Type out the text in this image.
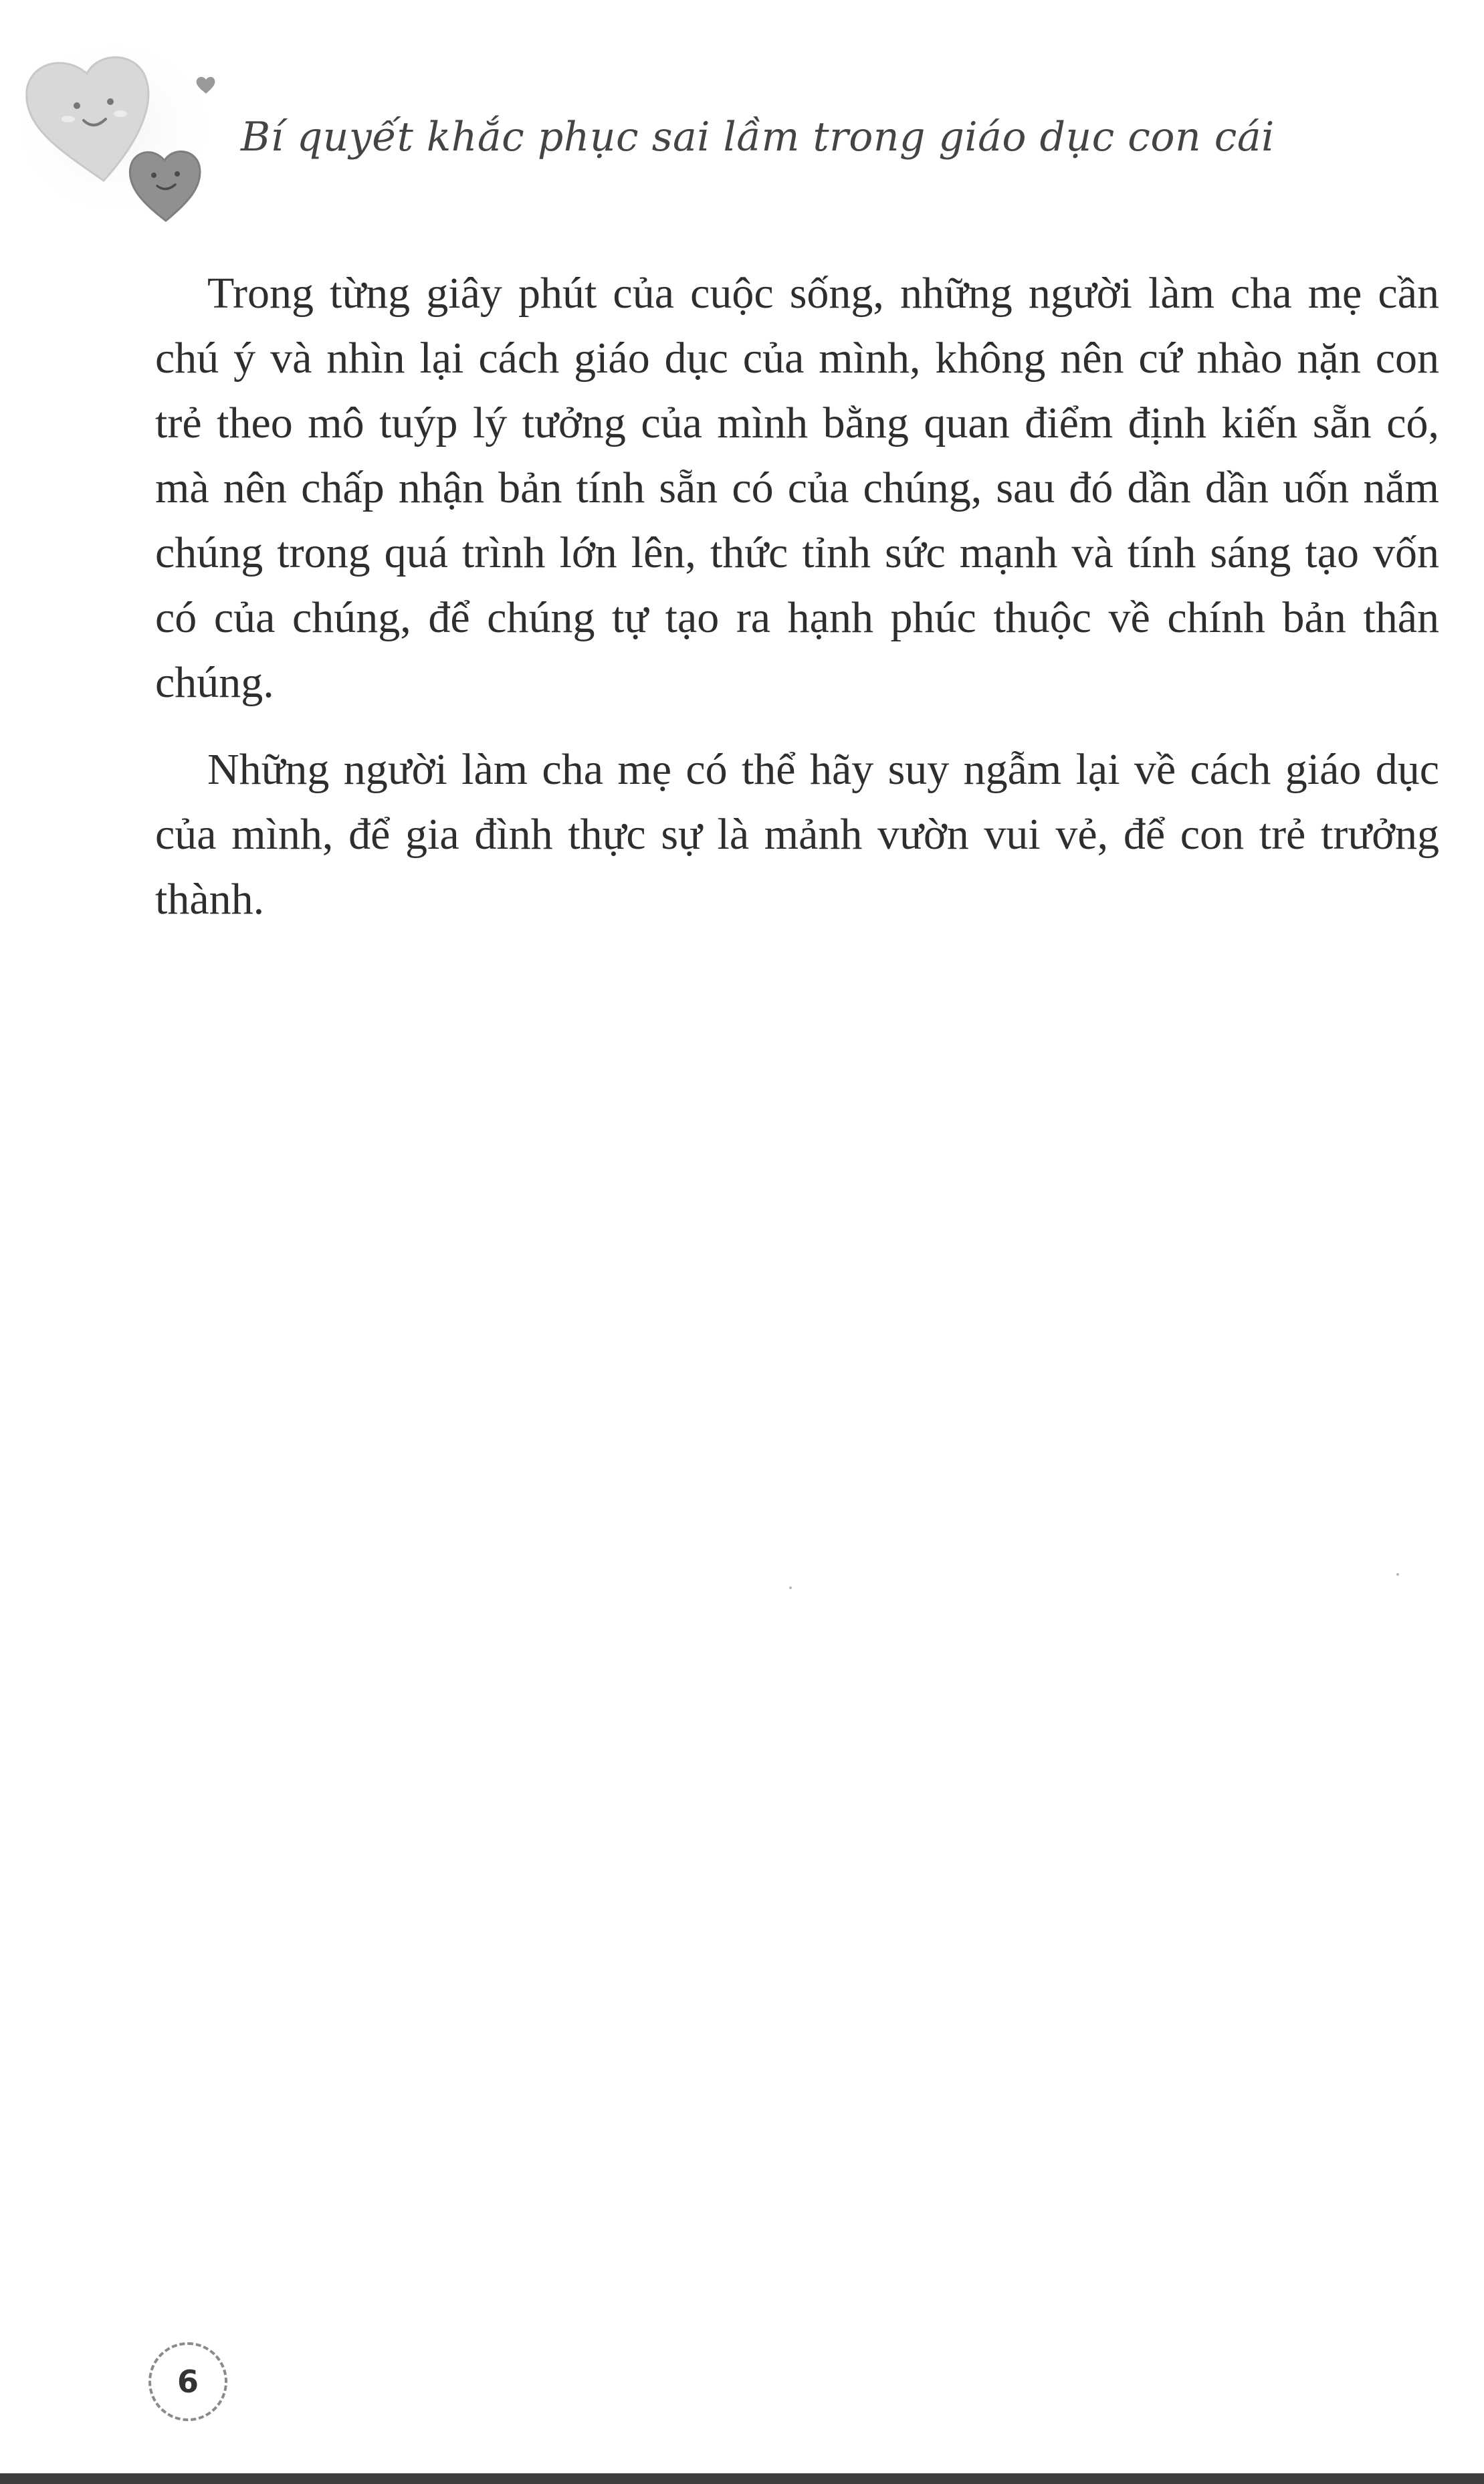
Bí quyết khắc phục sai lầm trong giáo dục con cái

Trong từng giây phút của cuộc sống, những người làm cha mẹ cần chú ý và nhìn lại cách giáo dục của mình, không nên cứ nhào nặn con trẻ theo mô tuýp lý tưởng của mình bằng quan điểm định kiến sẵn có, mà nên chấp nhận bản tính sẵn có của chúng, sau đó dần dần uốn nắm chúng trong quá trình lớn lên, thức tỉnh sức mạnh và tính sáng tạo vốn có của chúng, để chúng tự tạo ra hạnh phúc thuộc về chính bản thân chúng.

Những người làm cha mẹ có thể hãy suy ngẫm lại về cách giáo dục của mình, để gia đình thực sự là mảnh vườn vui vẻ, để con trẻ trưởng thành.

6
